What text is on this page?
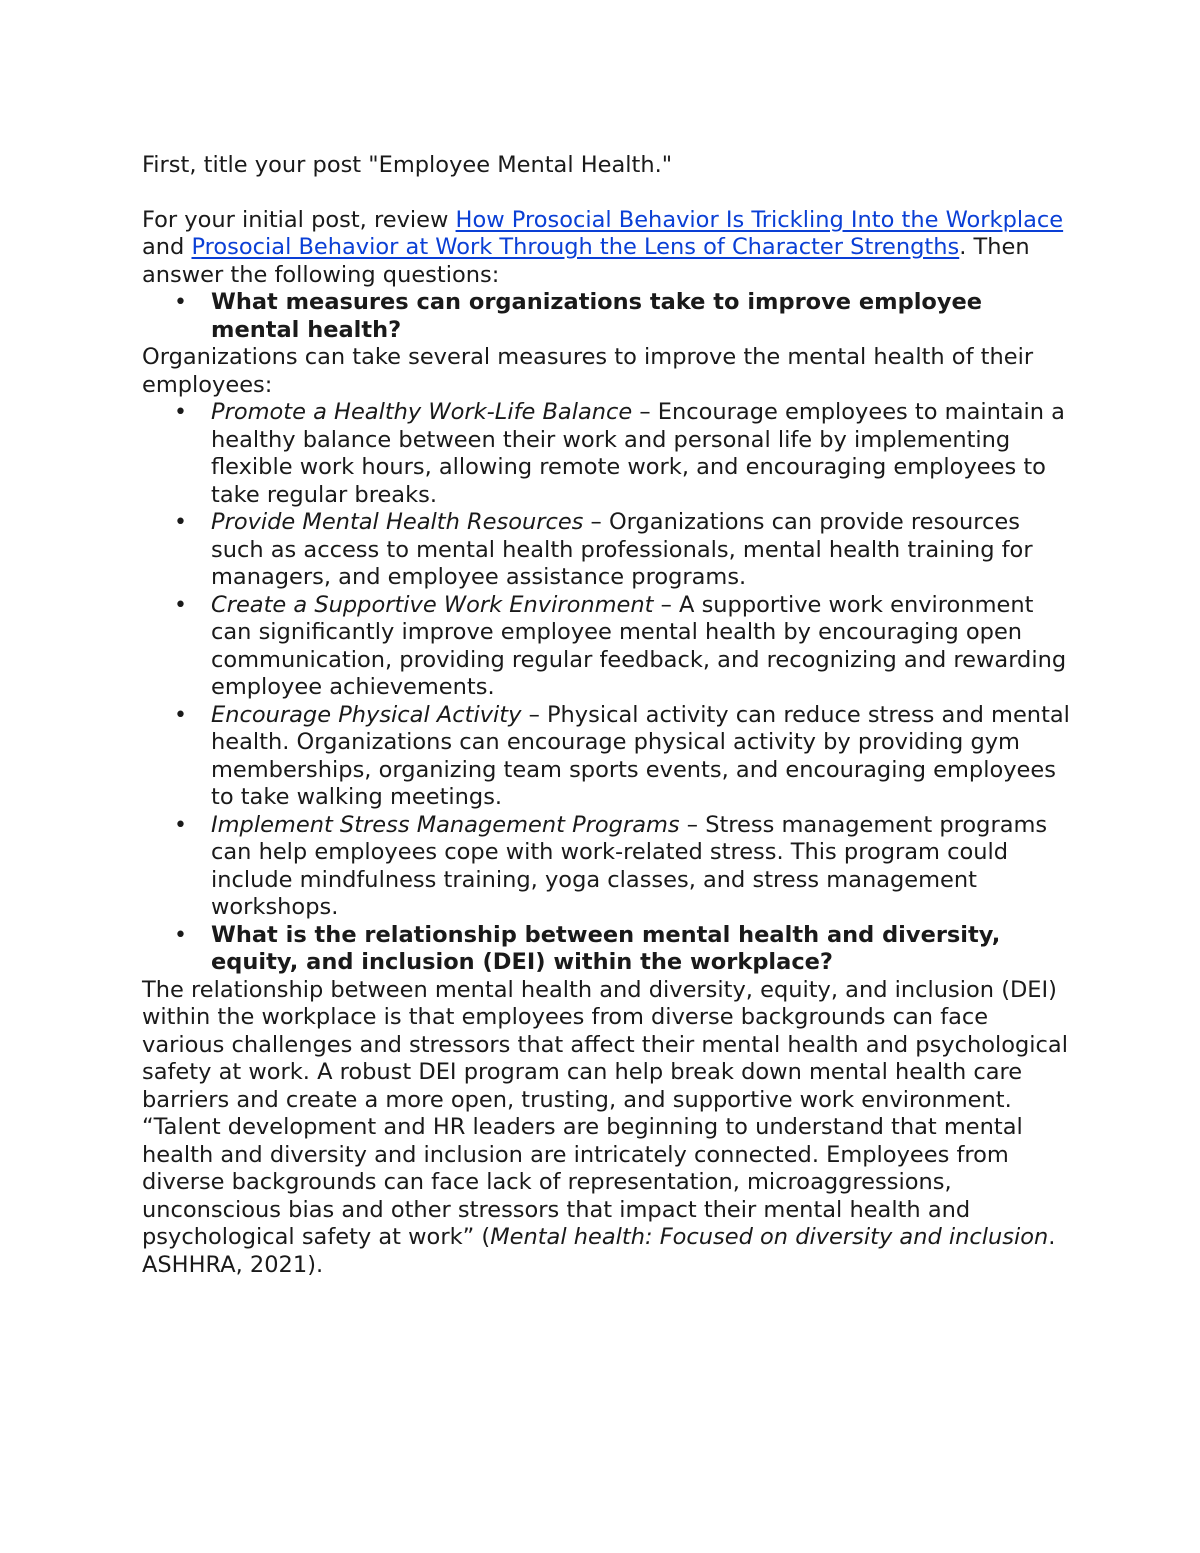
First, title your post "Employee Mental Health."

For your initial post, review How Prosocial Behavior Is Trickling Into the Workplace and Prosocial Behavior at Work Through the Lens of Character Strengths. Then answer the following questions:

• What measures can organizations take to improve employee mental health?

Organizations can take several measures to improve the mental health of their employees:

• Promote a Healthy Work-Life Balance – Encourage employees to maintain a healthy balance between their work and personal life by implementing flexible work hours, allowing remote work, and encouraging employees to take regular breaks.
• Provide Mental Health Resources – Organizations can provide resources such as access to mental health professionals, mental health training for managers, and employee assistance programs.
• Create a Supportive Work Environment – A supportive work environment can significantly improve employee mental health by encouraging open communication, providing regular feedback, and recognizing and rewarding employee achievements.
• Encourage Physical Activity – Physical activity can reduce stress and mental health. Organizations can encourage physical activity by providing gym memberships, organizing team sports events, and encouraging employees to take walking meetings.
• Implement Stress Management Programs – Stress management programs can help employees cope with work-related stress. This program could include mindfulness training, yoga classes, and stress management workshops.
• What is the relationship between mental health and diversity, equity, and inclusion (DEI) within the workplace?

The relationship between mental health and diversity, equity, and inclusion (DEI) within the workplace is that employees from diverse backgrounds can face various challenges and stressors that affect their mental health and psychological safety at work. A robust DEI program can help break down mental health care barriers and create a more open, trusting, and supportive work environment. “Talent development and HR leaders are beginning to understand that mental health and diversity and inclusion are intricately connected. Employees from diverse backgrounds can face lack of representation, microaggressions, unconscious bias and other stressors that impact their mental health and psychological safety at work” (Mental health: Focused on diversity and inclusion. ASHHRA, 2021).
